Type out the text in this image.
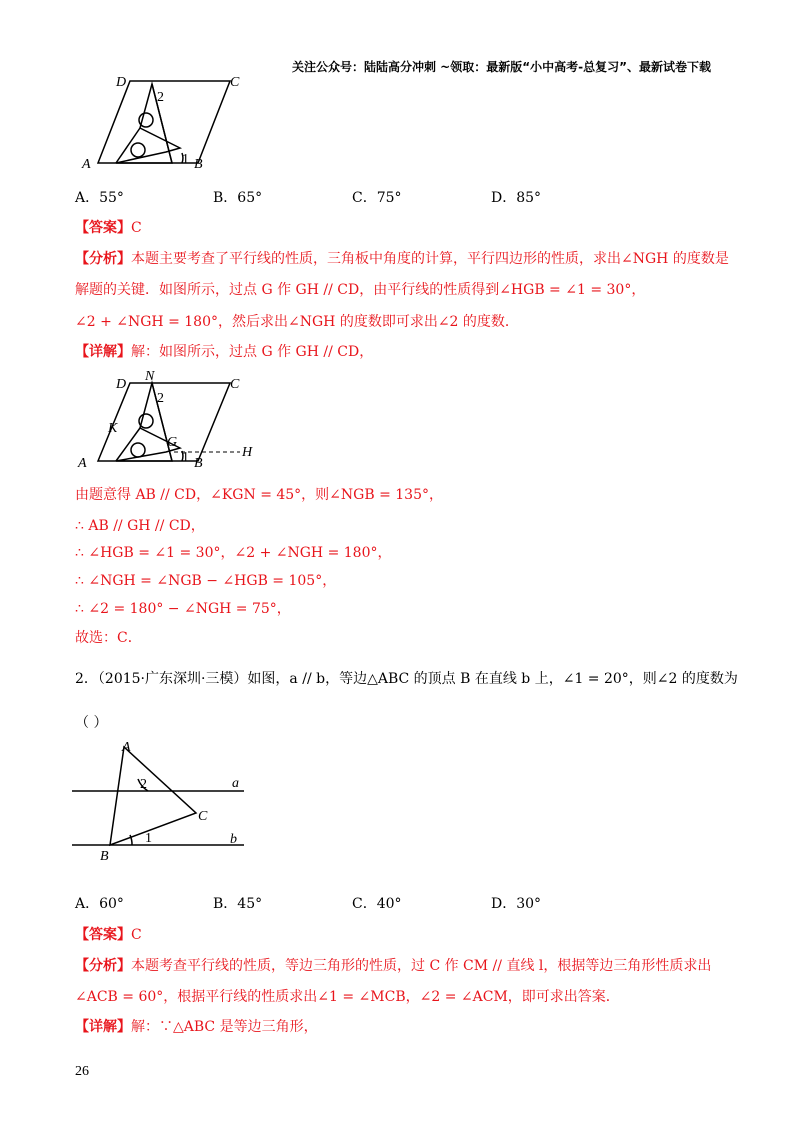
关注公众号：陆陆高分冲刺 ~领取：最新版“小中高考-总复习”、最新试卷下载
D	C
A	B
2
1
A．55°	B．65°	C．75°	D．85°
【答案】C
【分析】本题主要考查了平行线的性质，三角板中角度的计算，平行四边形的性质，求出∠NGH 的度数是
解题的关键．如图所示，过点 G 作 GH // CD，由平行线的性质得到∠HGB = ∠1 = 30°，
∠2 + ∠NGH = 180°，然后求出∠NGH 的度数即可求出∠2 的度数．
【详解】解：如图所示，过点 G 作 GH // CD，
D
N
C
K
G
A	B
H
2
1
由题意得 AB // CD，∠KGN = 45°，则∠NGB = 135°，
∴ AB // GH // CD，
∴ ∠HGB = ∠1 = 30°，∠2 + ∠NGH = 180°，
∴ ∠NGH = ∠NGB − ∠HGB = 105°，
∴ ∠2 = 180° − ∠NGH = 75°，
故选：C．
2．（2015·广东深圳·三模）如图，a // b，等边△ABC 的顶点 B 在直线 b 上，∠1 = 20°，则∠2 的度数为
（ ）
A
C
B
a
b
2
1
A．60°	B．45°	C．40°	D．30°
【答案】C
【分析】本题考查平行线的性质，等边三角形的性质，过 C 作 CM // 直线 l，根据等边三角形性质求出
∠ACB = 60°，根据平行线的性质求出∠1 = ∠MCB，∠2 = ∠ACM，即可求出答案．
【详解】解：∵△ABC 是等边三角形，
26
